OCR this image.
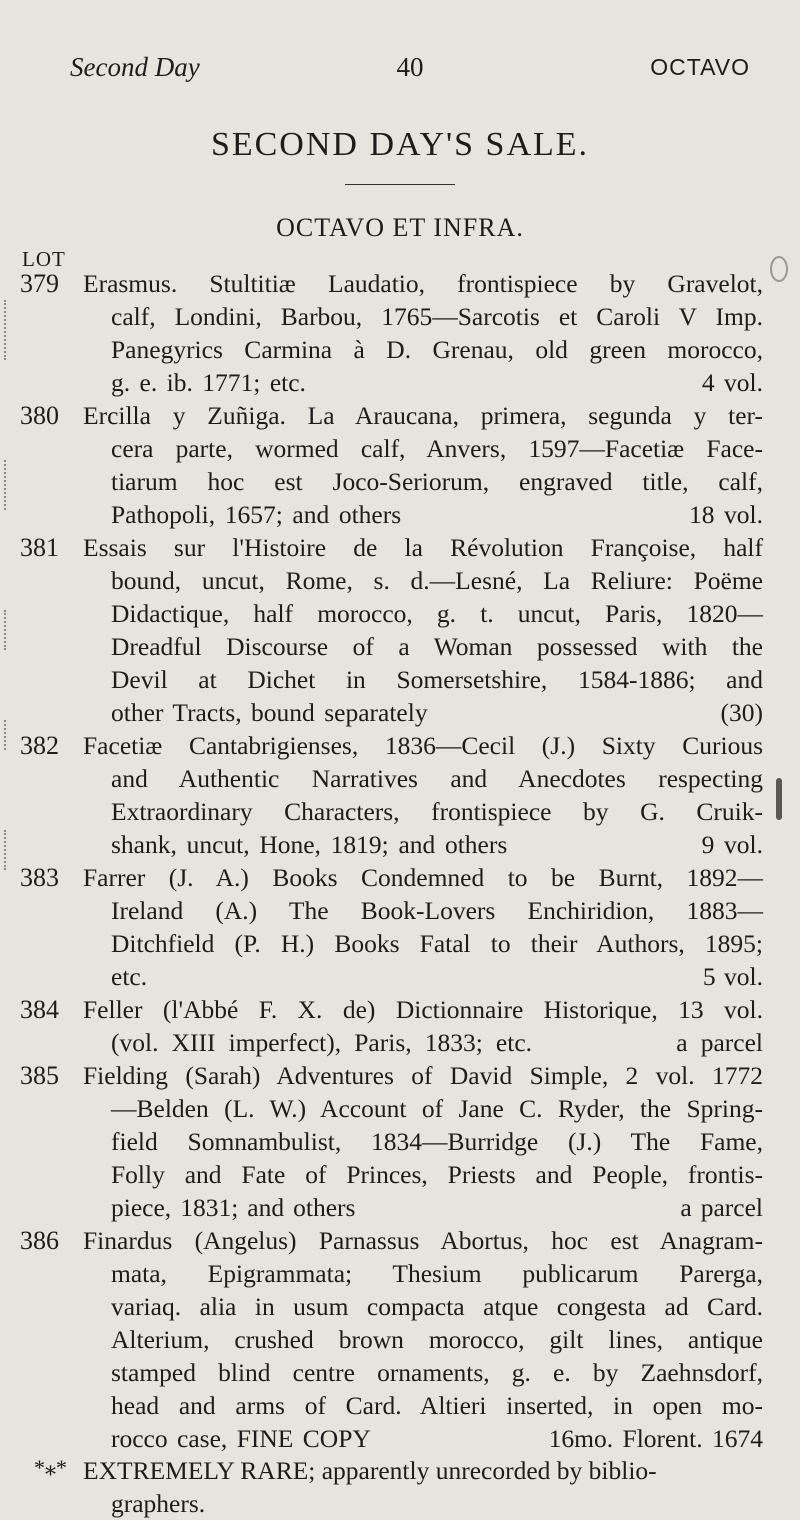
Second Day	40	OCTAVO
SECOND DAY'S SALE.
OCTAVO ET INFRA.
LOT
379 Erasmus. Stultitiæ Laudatio, frontispiece by Gravelot,

calf, Londini, Barbou, 1765—Sarcotis et Caroli V Imp.

Panegyrics Carmina à D. Grenau, old green morocco,

g. e. ib. 1771; etc.                                          4 vol.

380 Ercilla y Zuñiga. La Araucana, primera, segunda y ter-

cera parte, wormed calf, Anvers, 1597—Facetiæ Face-

tiarum hoc est Joco-Seriorum, engraved title, calf,

Pathopoli, 1657; and others                              18 vol.

381 Essais sur l'Histoire de la Révolution Françoise, half

bound, uncut, Rome, s. d.—Lesné, La Reliure: Poëme

Didactique, half morocco, g. t. uncut, Paris, 1820—

Dreadful Discourse of a Woman possessed with the

Devil at Dichet in Somersetshire, 1584-1886; and

other Tracts, bound separately                               (30)

382 Facetiæ Cantabrigienses, 1836—Cecil (J.) Sixty Curious

and Authentic Narratives and Anecdotes respecting

Extraordinary Characters, frontispiece by G. Cruik-

shank, uncut, Hone, 1819; and others                    9 vol.

383 Farrer (J. A.) Books Condemned to be Burnt, 1892—

Ireland (A.) The Book-Lovers Enchiridion, 1883—

Ditchfield (P. H.) Books Fatal to their Authors, 1895;

etc.                                                                  5 vol.

384 Feller (l'Abbé F. X. de) Dictionnaire Historique, 13 vol.

(vol. XIII imperfect), Paris, 1833; etc.           a parcel

385 Fielding (Sarah) Adventures of David Simple, 2 vol. 1772

—Belden (L. W.) Account of Jane C. Ryder, the Spring-

field Somnambulist, 1834—Burridge (J.) The Fame,

Folly and Fate of Princes, Priests and People, frontis-

piece, 1831; and others                                    a parcel

386 Finardus (Angelus) Parnassus Abortus, hoc est Anagram-

mata, Epigrammata; Thesium publicarum Parerga,

variaq. alia in usum compacta atque congesta ad Card.

Alterium, crushed brown morocco, gilt lines, antique

stamped blind centre ornaments, g. e. by Zaehnsdorf,

head and arms of Card. Altieri inserted, in open mo-

rocco case, FINE COPY                   16mo. Florent. 1674

*⁎* EXTREMELY RARE; apparently unrecorded by biblio-

graphers.
